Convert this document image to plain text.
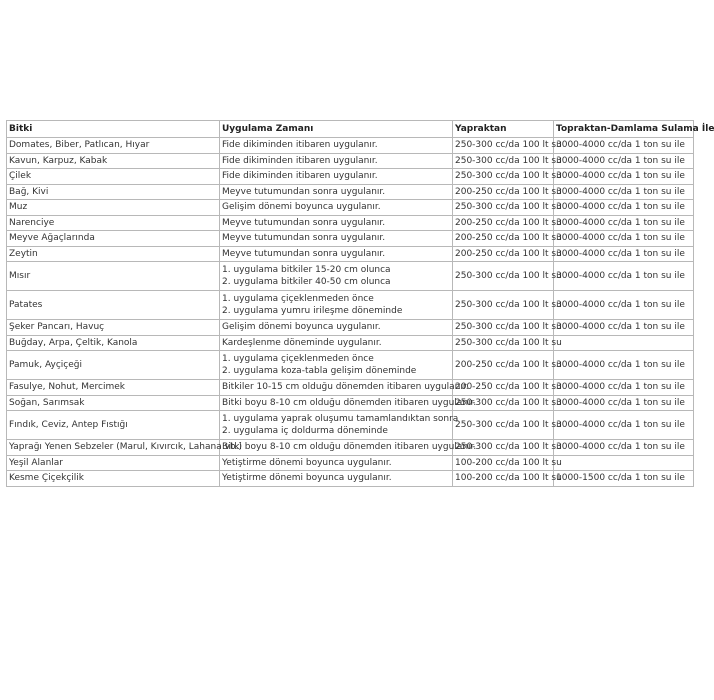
Bitki	Uygulama Zamanı	Yapraktan	Topraktan-Damlama Sulama İle
Domates, Biber, Patlıcan, Hıyar	Fide dikiminden itibaren uygulanır.	250-300 cc/da 100 lt su	3000-4000 cc/da 1 ton su ile
Kavun, Karpuz, Kabak	Fide dikiminden itibaren uygulanır.	250-300 cc/da 100 lt su	3000-4000 cc/da 1 ton su ile
Çilek	Fide dikiminden itibaren uygulanır.	250-300 cc/da 100 lt su	3000-4000 cc/da 1 ton su ile
Bağ, Kivi	Meyve tutumundan sonra uygulanır.	200-250 cc/da 100 lt su	3000-4000 cc/da 1 ton su ile
Muz	Gelişim dönemi boyunca uygulanır.	250-300 cc/da 100 lt su	3000-4000 cc/da 1 ton su ile
Narenciye	Meyve tutumundan sonra uygulanır.	200-250 cc/da 100 lt su	3000-4000 cc/da 1 ton su ile
Meyve Ağaçlarında	Meyve tutumundan sonra uygulanır.	200-250 cc/da 100 lt su	3000-4000 cc/da 1 ton su ile
Zeytin	Meyve tutumundan sonra uygulanır.	200-250 cc/da 100 lt su	3000-4000 cc/da 1 ton su ile
Mısır	1. uygulama bitkiler 15-20 cm olunca
2. uygulama bitkiler 40-50 cm olunca	250-300 cc/da 100 lt su	3000-4000 cc/da 1 ton su ile
Patates	1. uygulama çiçeklenmeden önce
2. uygulama yumru irileşme döneminde	250-300 cc/da 100 lt su	3000-4000 cc/da 1 ton su ile
Şeker Pancarı, Havuç	Gelişim dönemi boyunca uygulanır.	250-300 cc/da 100 lt su	3000-4000 cc/da 1 ton su ile
Buğday, Arpa, Çeltik, Kanola	Kardeşlenme döneminde uygulanır.	250-300 cc/da 100 lt su	
Pamuk, Ayçiçeği	1. uygulama çiçeklenmeden önce
2. uygulama koza-tabla gelişim döneminde	200-250 cc/da 100 lt su	3000-4000 cc/da 1 ton su ile
Fasulye, Nohut, Mercimek	Bitkiler 10-15 cm olduğu dönemden itibaren uygulanır.	200-250 cc/da 100 lt su	3000-4000 cc/da 1 ton su ile
Soğan, Sarımsak	Bitki boyu 8-10 cm olduğu dönemden itibaren uygulanır.	250-300 cc/da 100 lt su	3000-4000 cc/da 1 ton su ile
Fındık, Ceviz, Antep Fıstığı	1. uygulama yaprak oluşumu tamamlandıktan sonra
2. uygulama iç doldurma döneminde	250-300 cc/da 100 lt su	3000-4000 cc/da 1 ton su ile
Yaprağı Yenen Sebzeler (Marul, Kıvırcık, Lahana vb.)	Bitki boyu 8-10 cm olduğu dönemden itibaren uygulanır.	250-300 cc/da 100 lt su	3000-4000 cc/da 1 ton su ile
Yeşil Alanlar	Yetiştirme dönemi boyunca uygulanır.	100-200 cc/da 100 lt su	
Kesme Çiçekçilik	Yetiştirme dönemi boyunca uygulanır.	100-200 cc/da 100 lt su	1000-1500 cc/da 1 ton su ile
